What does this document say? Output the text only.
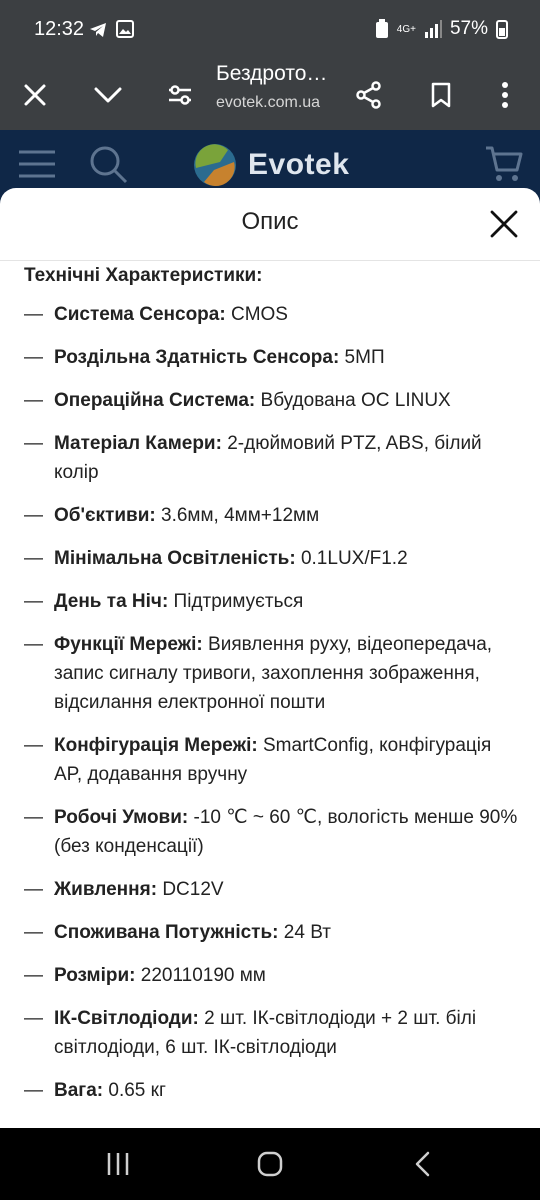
12:32	4G+ 57%
Бездрото…
evotek.com.ua
Evotek
Опис
Технічні Характеристики:
— Система Сенсора: CMOS
— Роздільна Здатність Сенсора: 5МП
— Операційна Система: Вбудована ОС LINUX
— Матеріал Камери: 2-дюймовий PTZ, ABS, білий колір
— Об'єктиви: 3.6мм, 4мм+12мм
— Мінімальна Освітленість: 0.1LUX/F1.2
— День та Ніч: Підтримується
— Функції Мережі: Виявлення руху, відеопередача, запис сигналу тривоги, захоплення зображення, відсилання електронної пошти
— Конфігурація Мережі: SmartConfig, конфігурація AP, додавання вручну
— Робочі Умови: -10 ℃ ~ 60 ℃, вологість менше 90% (без конденсації)
— Живлення: DC12V
— Споживана Потужність: 24 Вт
— Розміри: 220110190 мм
— ІК-Світлодіоди: 2 шт. ІК-світлодіоди + 2 шт. білі світлодіоди, 6 шт. ІК-світлодіоди
— Вага: 0.65 кг
